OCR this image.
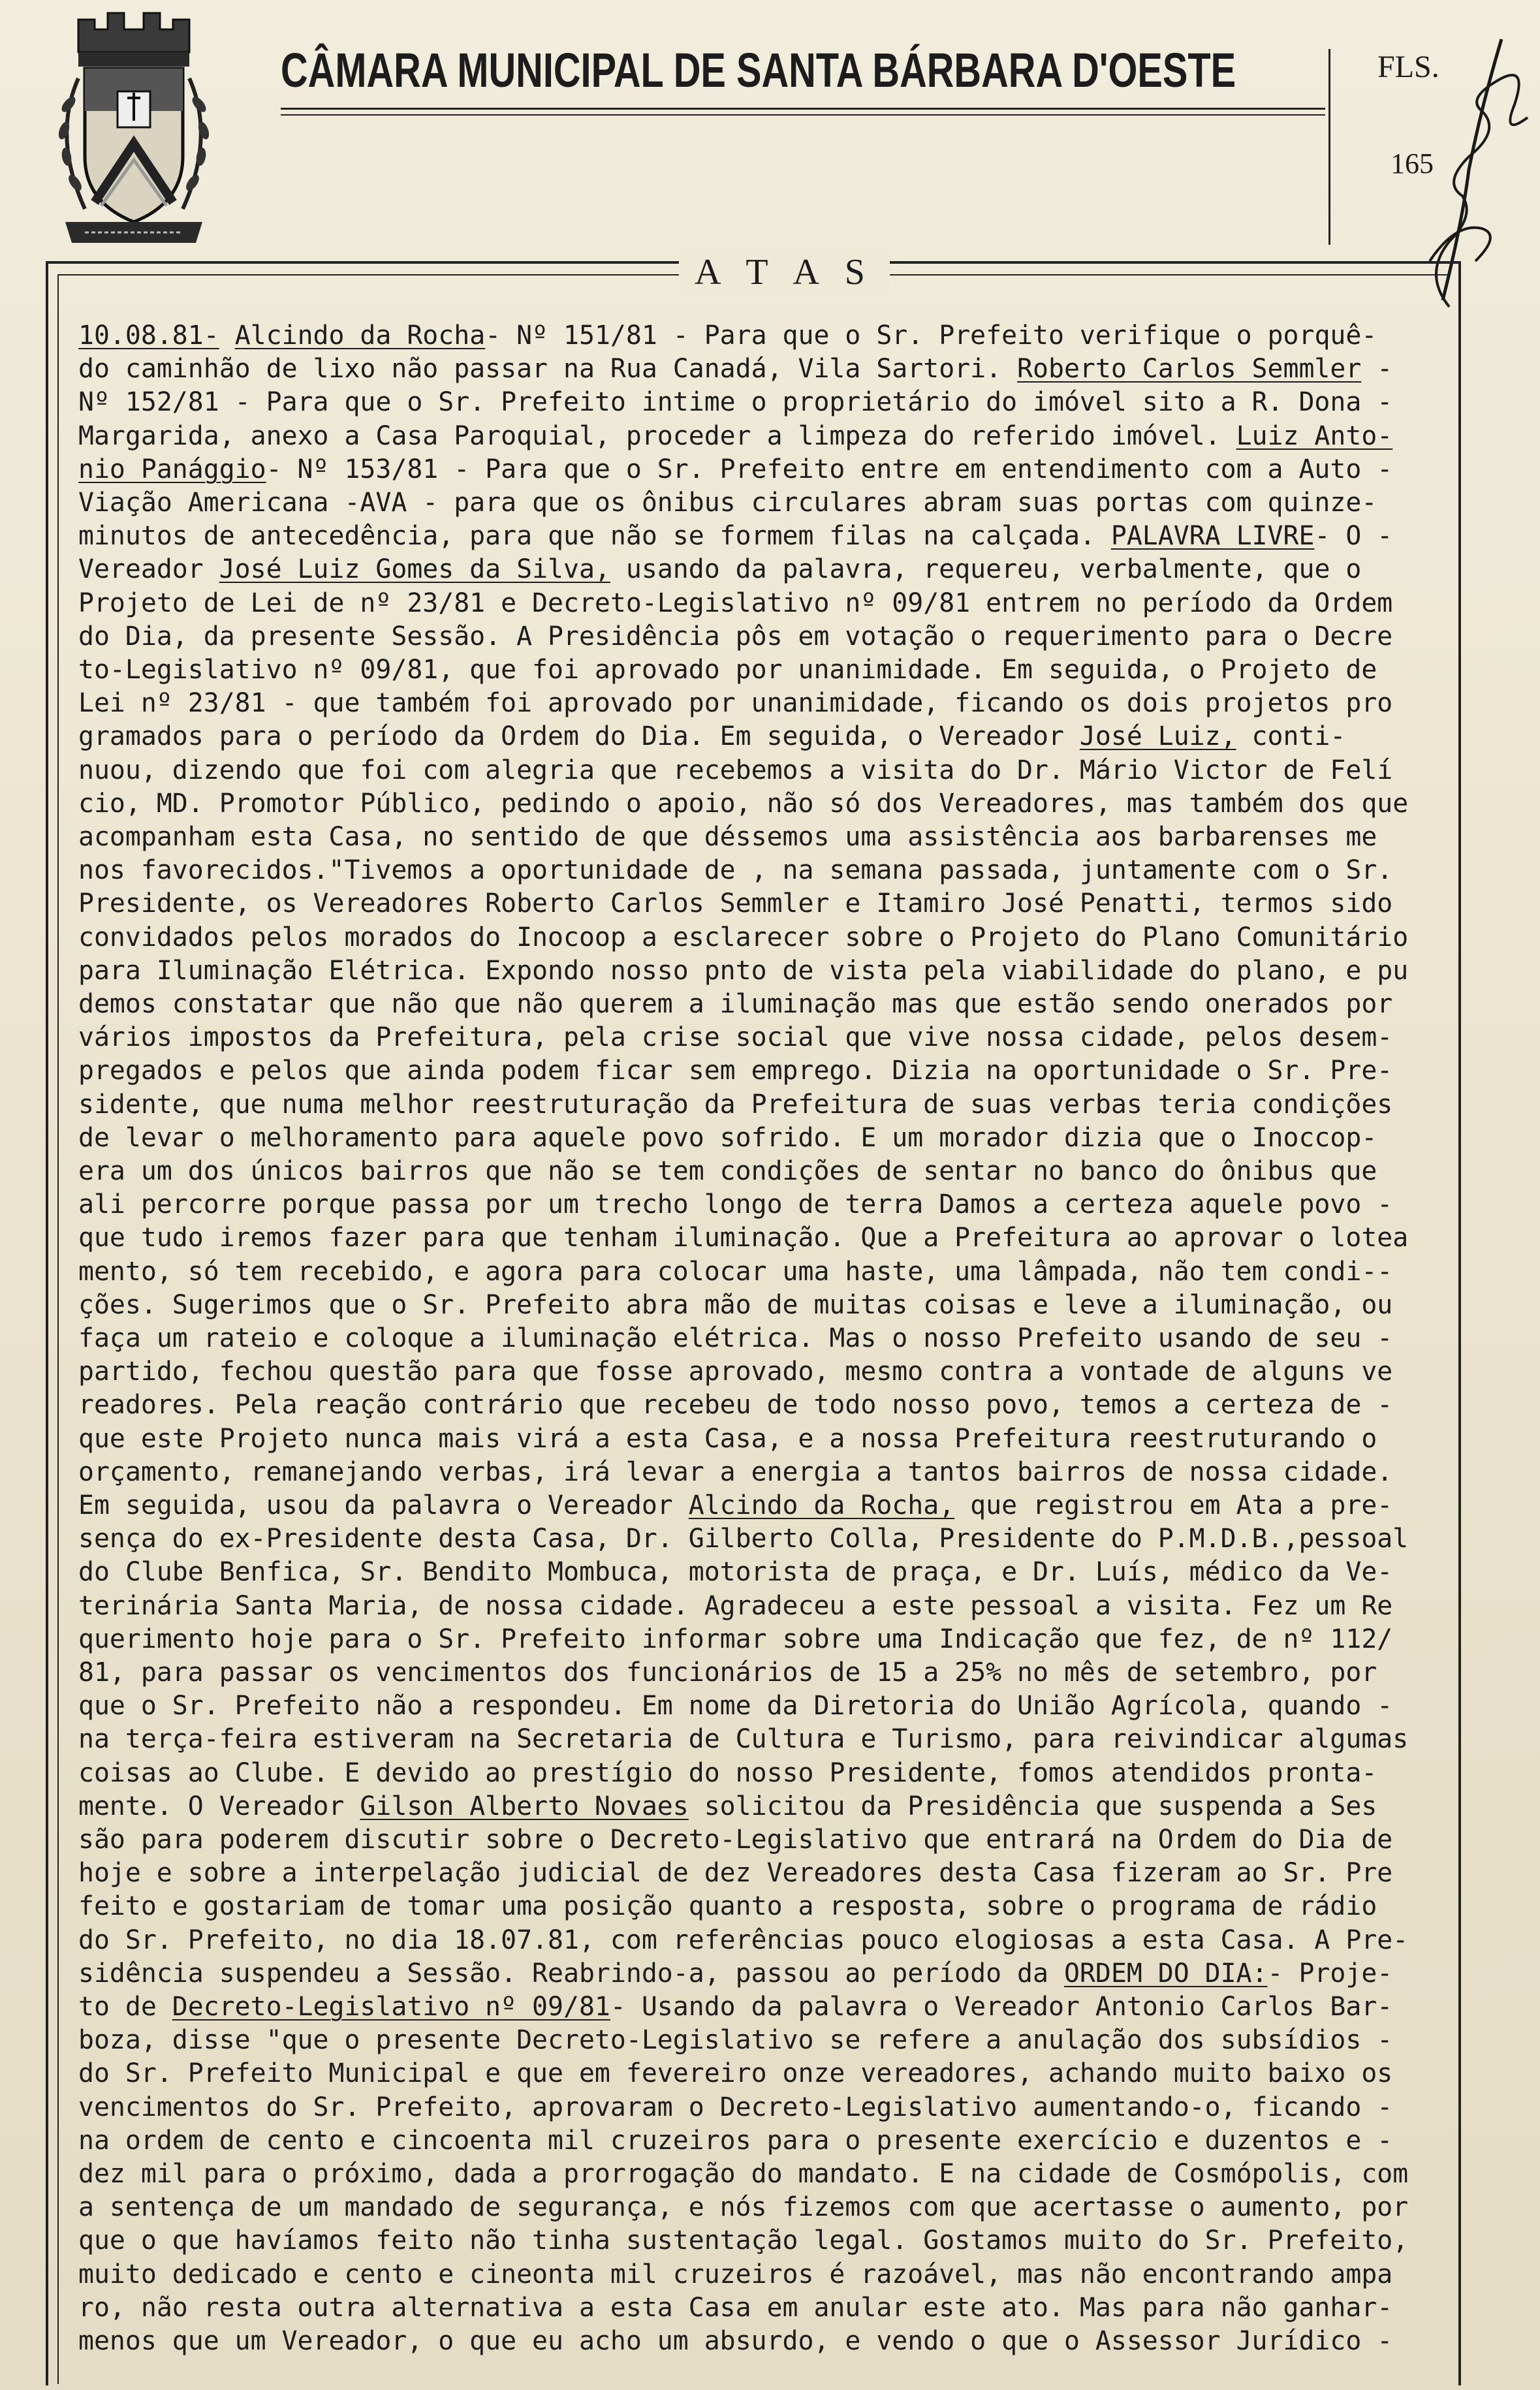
CÂMARA MUNICIPAL DE SANTA BÁRBARA D'OESTE	FLS.
165
A T A S
10.08.81- Alcindo da Rocha- Nº 151/81 - Para que o Sr. Prefeito verifique o porquê-
do caminhão de lixo não passar na Rua Canadá, Vila Sartori. Roberto Carlos Semmler -
Nº 152/81 - Para que o Sr. Prefeito intime o proprietário do imóvel sito a R. Dona -
Margarida, anexo a Casa Paroquial, proceder a limpeza do referido imóvel. Luiz Anto-
nio Panággio- Nº 153/81 - Para que o Sr. Prefeito entre em entendimento com a Auto -
Viação Americana -AVA - para que os ônibus circulares abram suas portas com quinze-
minutos de antecedência, para que não se formem filas na calçada. PALAVRA LIVRE- O -
Vereador José Luiz Gomes da Silva, usando da palavra, requereu, verbalmente, que o
Projeto de Lei de nº 23/81 e Decreto-Legislativo nº 09/81 entrem no período da Ordem
do Dia, da presente Sessão. A Presidência pôs em votação o requerimento para o Decre
to-Legislativo nº 09/81, que foi aprovado por unanimidade. Em seguida, o Projeto de
Lei nº 23/81 - que também foi aprovado por unanimidade, ficando os dois projetos pro
gramados para o período da Ordem do Dia. Em seguida, o Vereador José Luiz, conti-
nuou, dizendo que foi com alegria que recebemos a visita do Dr. Mário Victor de Felí
cio, MD. Promotor Público, pedindo o apoio, não só dos Vereadores, mas também dos que
acompanham esta Casa, no sentido de que déssemos uma assistência aos barbarenses me
nos favorecidos."Tivemos a oportunidade de , na semana passada, juntamente com o Sr.
Presidente, os Vereadores Roberto Carlos Semmler e Itamiro José Penatti, termos sido
convidados pelos morados do Inocoop a esclarecer sobre o Projeto do Plano Comunitário
para Iluminação Elétrica. Expondo nosso pnto de vista pela viabilidade do plano, e pu
demos constatar que não que não querem a iluminação mas que estão sendo onerados por
vários impostos da Prefeitura, pela crise social que vive nossa cidade, pelos desem-
pregados e pelos que ainda podem ficar sem emprego. Dizia na oportunidade o Sr. Pre-
sidente, que numa melhor reestruturação da Prefeitura de suas verbas teria condições
de levar o melhoramento para aquele povo sofrido. E um morador dizia que o Inoccop-
era um dos únicos bairros que não se tem condições de sentar no banco do ônibus que
ali percorre porque passa por um trecho longo de terra Damos a certeza aquele povo -
que tudo iremos fazer para que tenham iluminação. Que a Prefeitura ao aprovar o lotea
mento, só tem recebido, e agora para colocar uma haste, uma lâmpada, não tem condi--
ções. Sugerimos que o Sr. Prefeito abra mão de muitas coisas e leve a iluminação, ou
faça um rateio e coloque a iluminação elétrica. Mas o nosso Prefeito usando de seu -
partido, fechou questão para que fosse aprovado, mesmo contra a vontade de alguns ve
readores. Pela reação contrário que recebeu de todo nosso povo, temos a certeza de -
que este Projeto nunca mais virá a esta Casa, e a nossa Prefeitura reestruturando o
orçamento, remanejando verbas, irá levar a energia a tantos bairros de nossa cidade.
Em seguida, usou da palavra o Vereador Alcindo da Rocha, que registrou em Ata a pre-
sença do ex-Presidente desta Casa, Dr. Gilberto Colla, Presidente do P.M.D.B.,pessoal
do Clube Benfica, Sr. Bendito Mombuca, motorista de praça, e Dr. Luís, médico da Ve-
terinária Santa Maria, de nossa cidade. Agradeceu a este pessoal a visita. Fez um Re
querimento hoje para o Sr. Prefeito informar sobre uma Indicação que fez, de nº 112/
81, para passar os vencimentos dos funcionários de 15 a 25% no mês de setembro, por
que o Sr. Prefeito não a respondeu. Em nome da Diretoria do União Agrícola, quando -
na terça-feira estiveram na Secretaria de Cultura e Turismo, para reivindicar algumas
coisas ao Clube. E devido ao prestígio do nosso Presidente, fomos atendidos pronta-
mente. O Vereador Gilson Alberto Novaes solicitou da Presidência que suspenda a Ses
são para poderem discutir sobre o Decreto-Legislativo que entrará na Ordem do Dia de
hoje e sobre a interpelação judicial de dez Vereadores desta Casa fizeram ao Sr. Pre
feito e gostariam de tomar uma posição quanto a resposta, sobre o programa de rádio
do Sr. Prefeito, no dia 18.07.81, com referências pouco elogiosas a esta Casa. A Pre-
sidência suspendeu a Sessão. Reabrindo-a, passou ao período da ORDEM DO DIA:- Proje-
to de Decreto-Legislativo nº 09/81- Usando da palavra o Vereador Antonio Carlos Bar-
boza, disse "que o presente Decreto-Legislativo se refere a anulação dos subsídios -
do Sr. Prefeito Municipal e que em fevereiro onze vereadores, achando muito baixo os
vencimentos do Sr. Prefeito, aprovaram o Decreto-Legislativo aumentando-o, ficando -
na ordem de cento e cincoenta mil cruzeiros para o presente exercício e duzentos e -
dez mil para o próximo, dada a prorrogação do mandato. E na cidade de Cosmópolis, com
a sentença de um mandado de segurança, e nós fizemos com que acertasse o aumento, por
que o que havíamos feito não tinha sustentação legal. Gostamos muito do Sr. Prefeito,
muito dedicado e cento e cineonta mil cruzeiros é razoável, mas não encontrando ampa
ro, não resta outra alternativa a esta Casa em anular este ato. Mas para não ganhar-
menos que um Vereador, o que eu acho um absurdo, e vendo o que o Assessor Jurídico -
